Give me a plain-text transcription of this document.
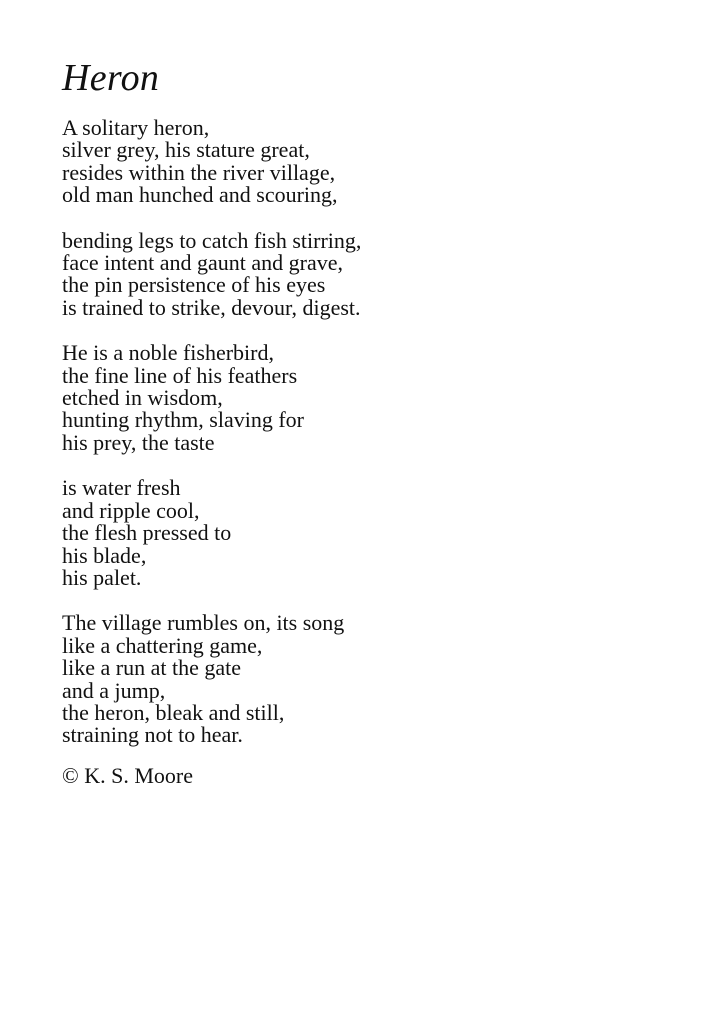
Heron
A solitary heron,
silver grey, his stature great,
resides within the river village,
old man hunched and scouring,
bending legs to catch fish stirring,
face intent and gaunt and grave,
the pin persistence of his eyes
is trained to strike, devour, digest.
He is a noble fisherbird,
the fine line of his feathers
etched in wisdom,
hunting rhythm, slaving for
his prey, the taste
is water fresh
and ripple cool,
the flesh pressed to
his blade,
his palet.
The village rumbles on, its song
like a chattering game,
like a run at the gate
and a jump,
the heron, bleak and still,
straining not to hear.
© K. S. Moore
